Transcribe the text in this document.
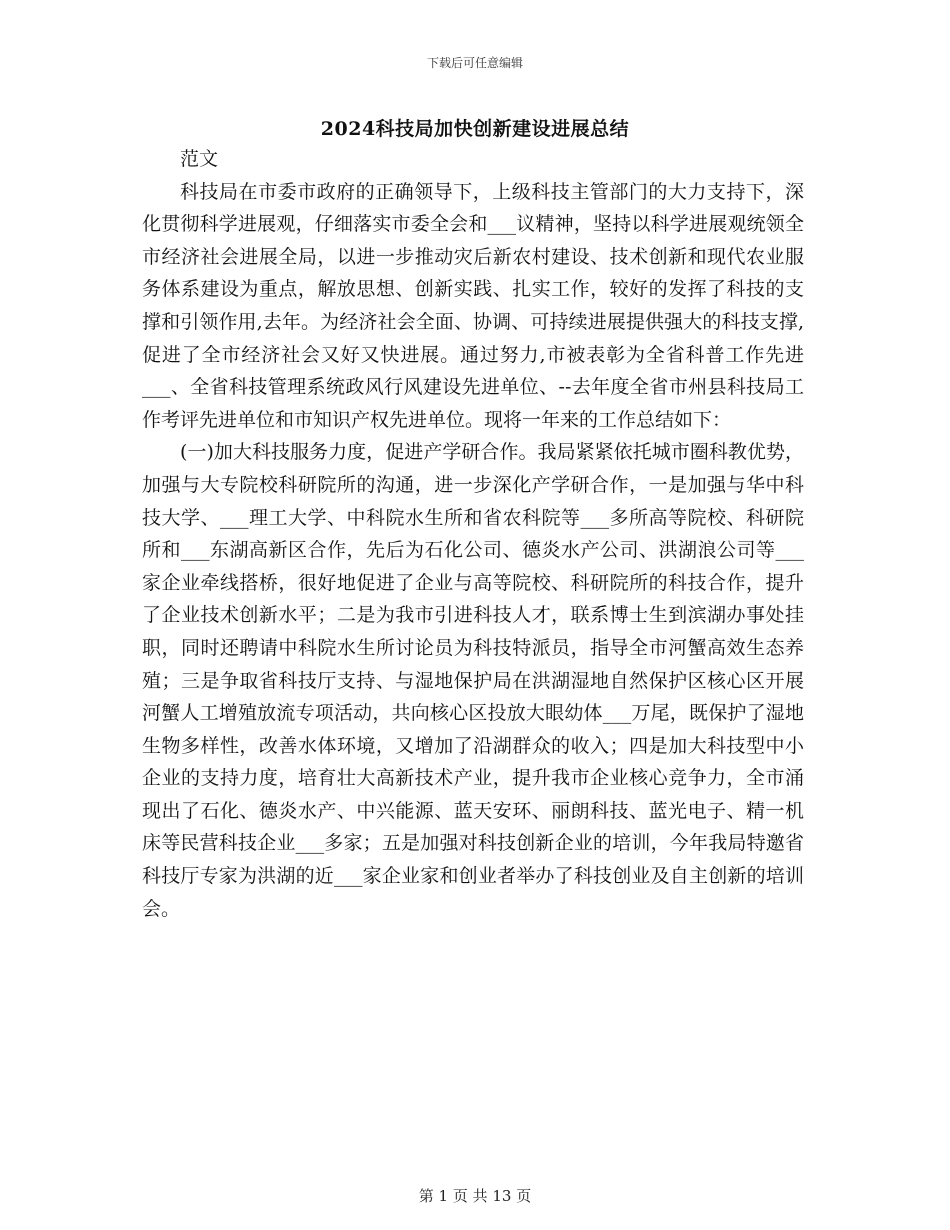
下载后可任意编辑
2024科技局加快创新建设进展总结

范文

科技局在市委市政府的正确领导下，上级科技主管部门的大力支持下，深化贯彻科学进展观，仔细落实市委全会和___议精神，坚持以科学进展观统领全市经济社会进展全局，以进一步推动灾后新农村建设、技术创新和现代农业服务体系建设为重点，解放思想、创新实践、扎实工作，较好的发挥了科技的支撑和引领作用,去年。为经济社会全面、协调、可持续进展提供强大的科技支撑,促进了全市经济社会又好又快进展。通过努力,市被表彰为全省科普工作先进___、全省科技管理系统政风行风建设先进单位、--去年度全省市州县科技局工作考评先进单位和市知识产权先进单位。现将一年来的工作总结如下：

(一)加大科技服务力度，促进产学研合作。我局紧紧依托城市圈科教优势，加强与大专院校科研院所的沟通，进一步深化产学研合作，一是加强与华中科技大学、___理工大学、中科院水生所和省农科院等___多所高等院校、科研院所和___东湖高新区合作，先后为石化公司、德炎水产公司、洪湖浪公司等___家企业牵线搭桥，很好地促进了企业与高等院校、科研院所的科技合作，提升了企业技术创新水平；二是为我市引进科技人才，联系博士生到滨湖办事处挂职，同时还聘请中科院水生所讨论员为科技特派员，指导全市河蟹高效生态养殖；三是争取省科技厅支持、与湿地保护局在洪湖湿地自然保护区核心区开展河蟹人工增殖放流专项活动，共向核心区投放大眼幼体___万尾，既保护了湿地生物多样性，改善水体环境，又增加了沿湖群众的收入；四是加大科技型中小企业的支持力度，培育壮大高新技术产业，提升我市企业核心竞争力，全市涌现出了石化、德炎水产、中兴能源、蓝天安环、丽朗科技、蓝光电子、精一机床等民营科技企业___多家；五是加强对科技创新企业的培训，今年我局特邀省科技厅专家为洪湖的近___家企业家和创业者举办了科技创业及自主创新的培训会。

第 1 页 共 13 页
